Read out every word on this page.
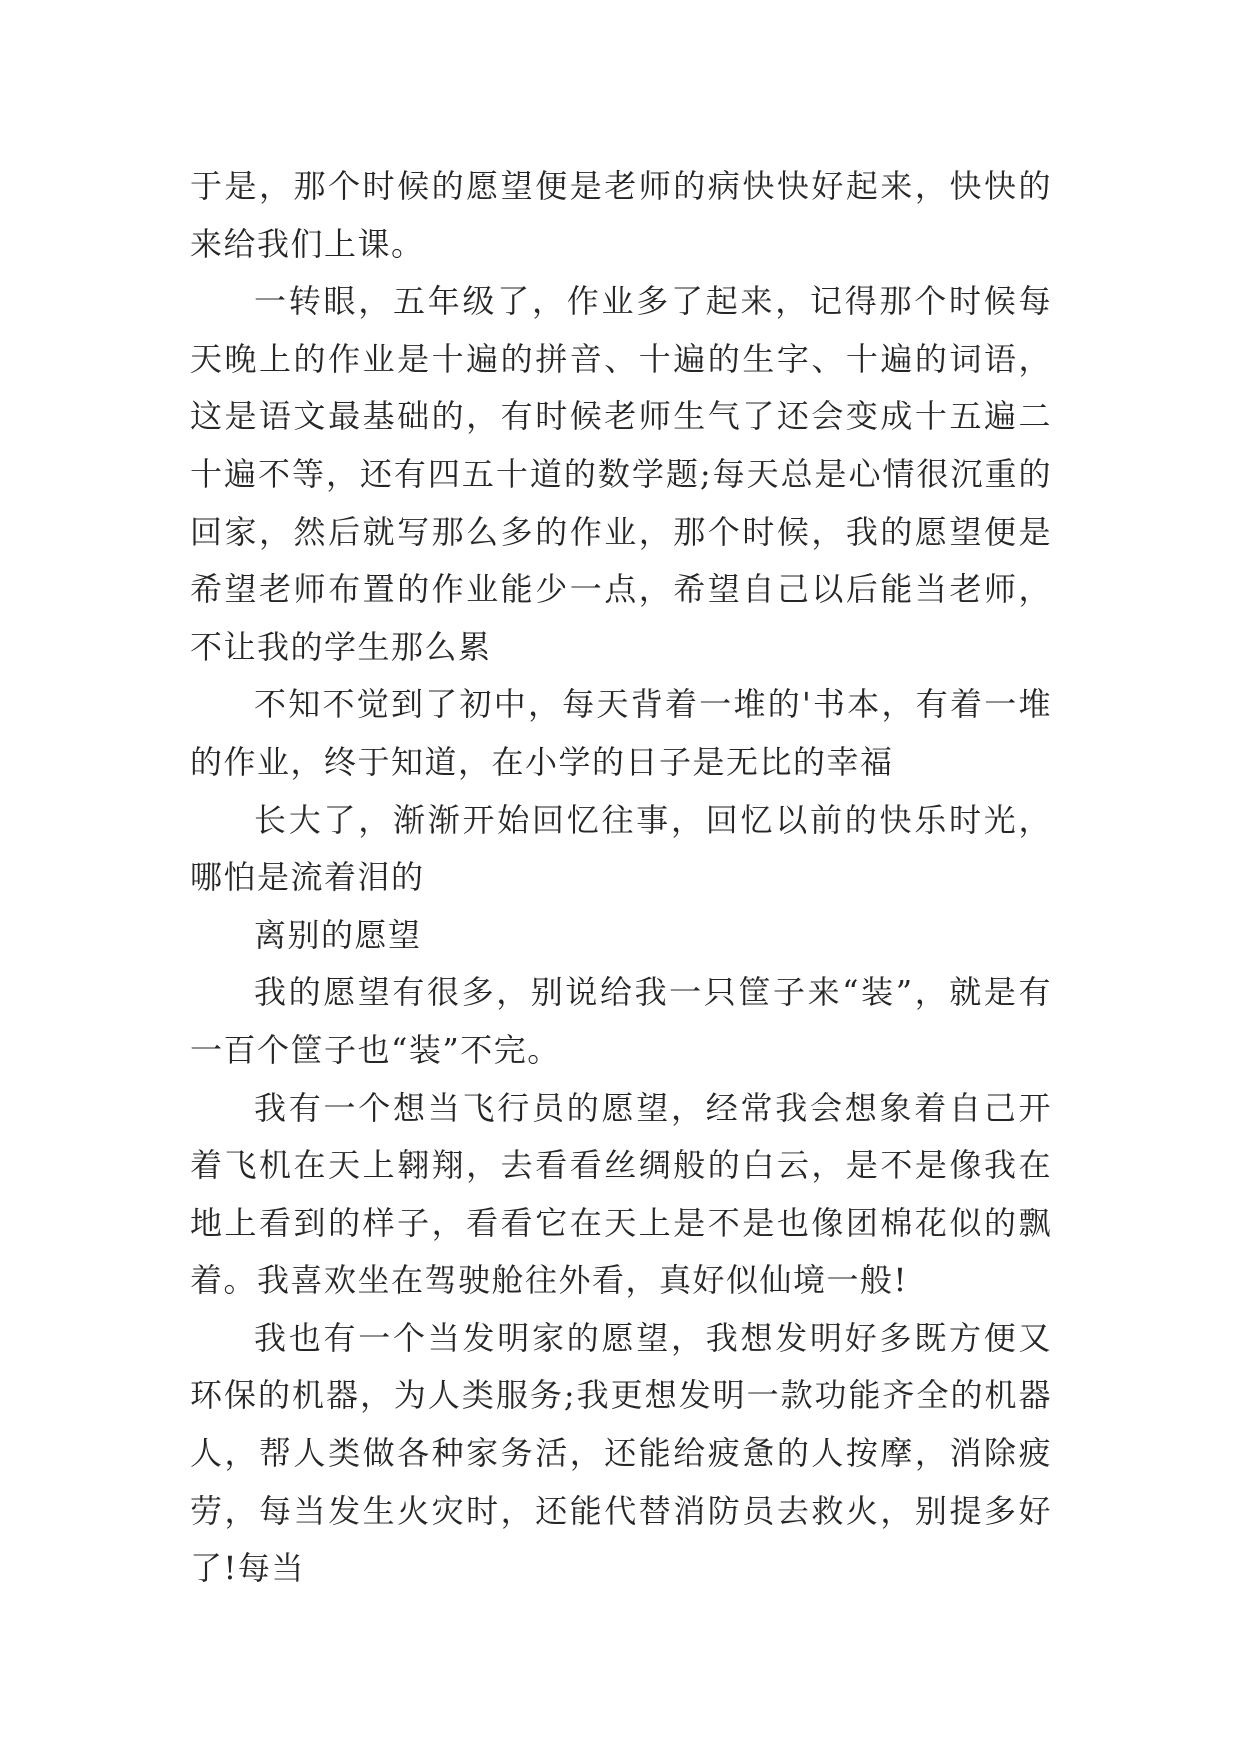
于是，那个时候的愿望便是老师的病快快好起来，快快的来给我们上课。

一转眼，五年级了，作业多了起来，记得那个时候每天晚上的作业是十遍的拼音、十遍的生字、十遍的词语，这是语文最基础的，有时候老师生气了还会变成十五遍二十遍不等，还有四五十道的数学题;每天总是心情很沉重的回家，然后就写那么多的作业，那个时候，我的愿望便是希望老师布置的作业能少一点，希望自己以后能当老师，不让我的学生那么累

不知不觉到了初中，每天背着一堆的'书本，有着一堆的作业，终于知道，在小学的日子是无比的幸福

长大了，渐渐开始回忆往事，回忆以前的快乐时光，哪怕是流着泪的

离别的愿望

我的愿望有很多，别说给我一只筐子来“装”，就是有一百个筐子也“装”不完。

我有一个想当飞行员的愿望，经常我会想象着自己开着飞机在天上翱翔，去看看丝绸般的白云，是不是像我在地上看到的样子，看看它在天上是不是也像团棉花似的飘着。我喜欢坐在驾驶舱往外看，真好似仙境一般!

我也有一个当发明家的愿望，我想发明好多既方便又环保的机器，为人类服务;我更想发明一款功能齐全的机器人，帮人类做各种家务活，还能给疲惫的人按摩，消除疲劳，每当发生火灾时，还能代替消防员去救火，别提多好了!每当
